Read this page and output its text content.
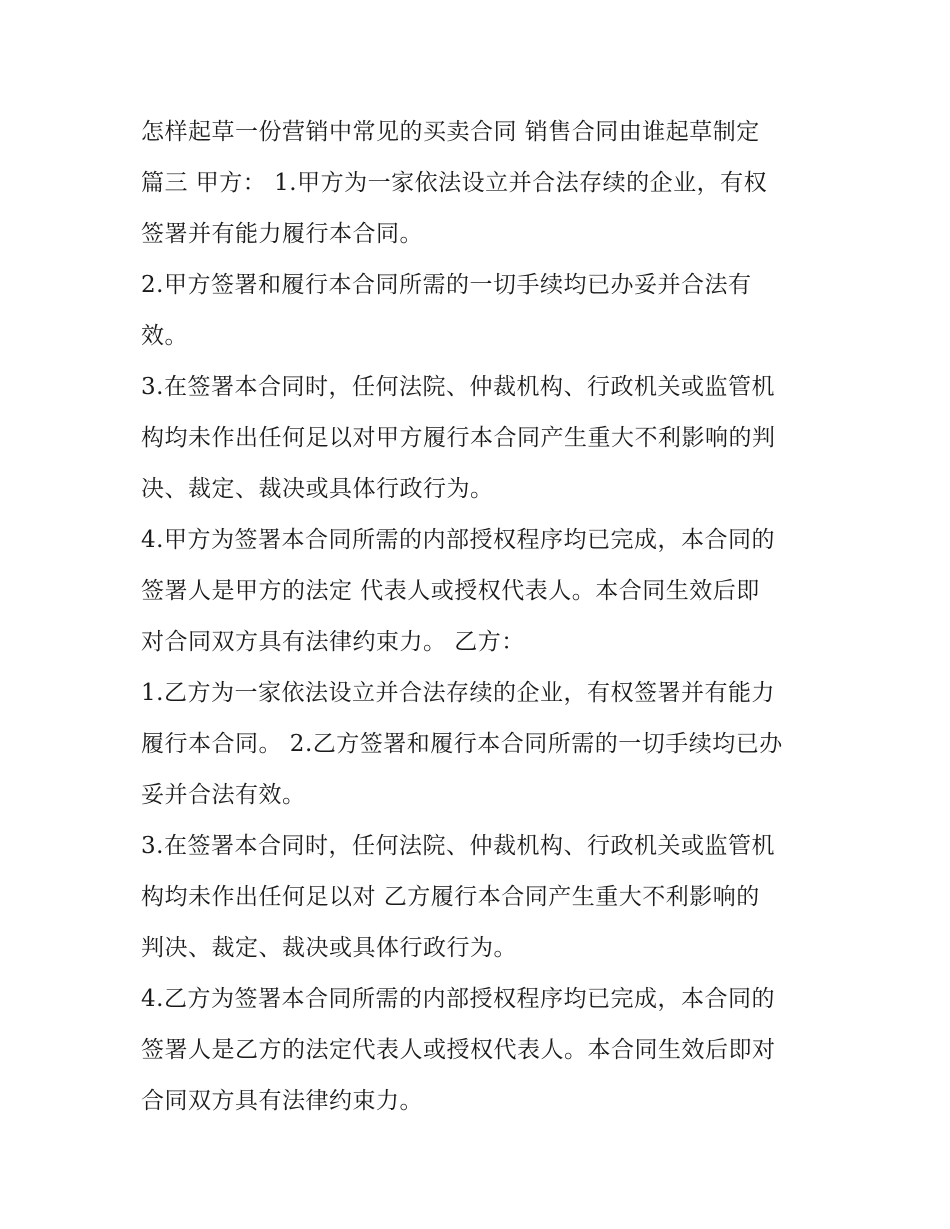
怎样起草一份营销中常见的买卖合同 销售合同由谁起草制定
篇三 甲方： 1.甲方为一家依法设立并合法存续的企业，有权
签署并有能力履行本合同。

2.甲方签署和履行本合同所需的一切手续均已办妥并合法有
效。

3.在签署本合同时，任何法院、仲裁机构、行政机关或监管机
构均未作出任何足以对甲方履行本合同产生重大不利影响的判
决、裁定、裁决或具体行政行为。

4.甲方为签署本合同所需的内部授权程序均已完成，本合同的
签署人是甲方的法定 代表人或授权代表人。本合同生效后即
对合同双方具有法律约束力。 乙方：

1.乙方为一家依法设立并合法存续的企业，有权签署并有能力
履行本合同。 2.乙方签署和履行本合同所需的一切手续均已办
妥并合法有效。

3.在签署本合同时，任何法院、仲裁机构、行政机关或监管机
构均未作出任何足以对 乙方履行本合同产生重大不利影响的
判决、裁定、裁决或具体行政行为。

4.乙方为签署本合同所需的内部授权程序均已完成，本合同的
签署人是乙方的法定代表人或授权代表人。本合同生效后即对
合同双方具有法律约束力。
